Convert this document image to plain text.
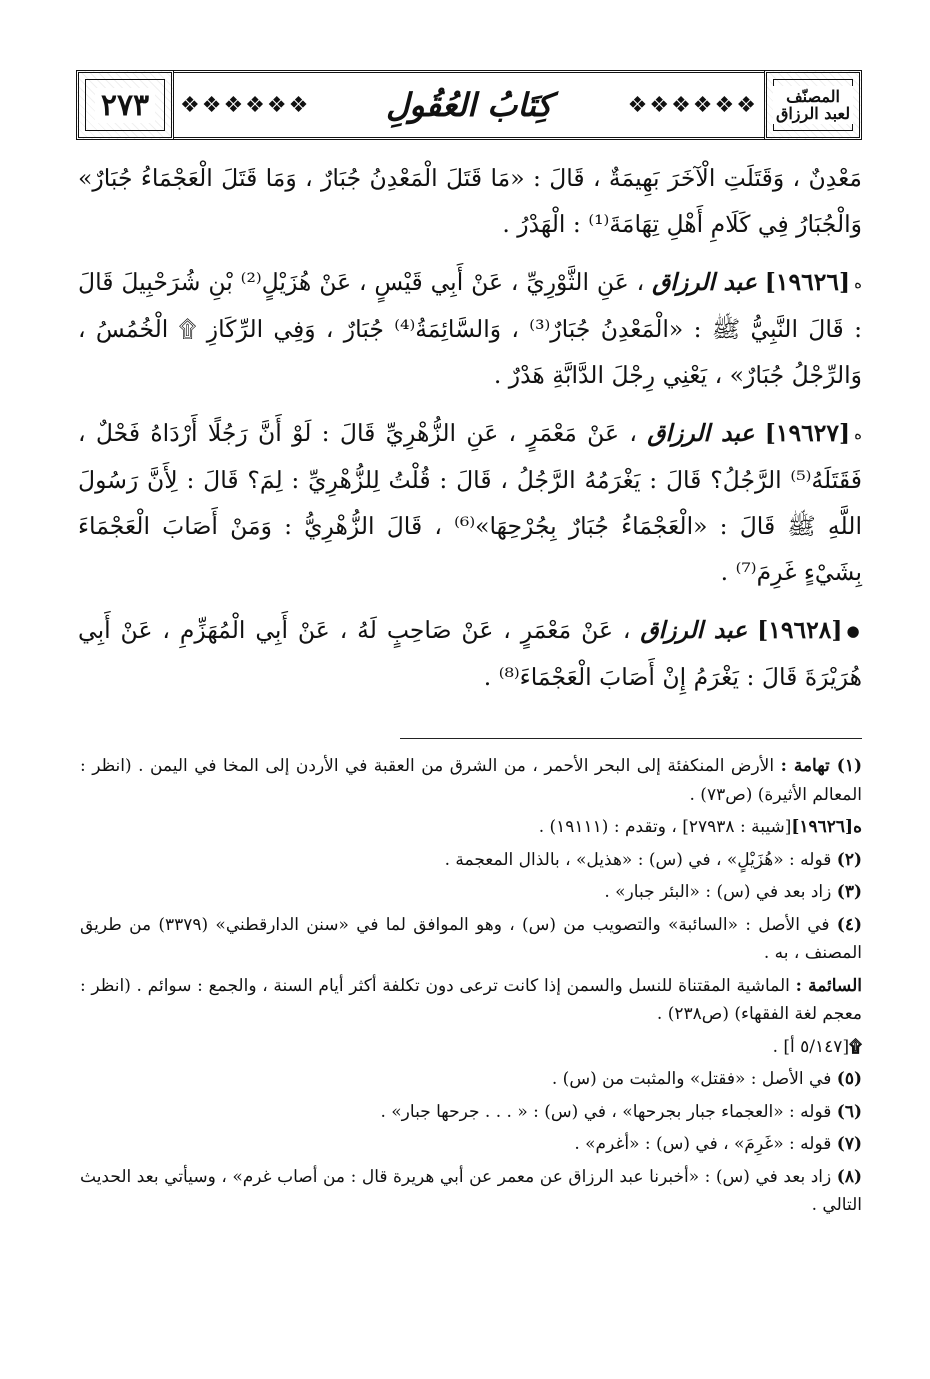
٢٧٣ ❖❖❖❖❖❖ كِتَابُ العُقُولِ	❖❖❖❖❖❖	المصنّف
لعبد الرزاق

مَعْدِنٌ ، وَقَتَلَتِ الْآخَرَ بَهِيمَةٌ ، قَالَ : «مَا قَتَلَ الْمَعْدِنُ جُبَارٌ ، وَمَا قَتَلَ الْعَجْمَاءُ جُبَارٌ» وَالْجُبَارُ فِي كَلَامِ أَهْلِ تِهَامَةَ⁽¹⁾ : الْهَدْرُ .

ه[١٩٦٢٦] عبد الرزاق ، عَنِ الثَّوْرِيِّ ، عَنْ أَبِي قَيْسٍ ، عَنْ هُزَيْلٍ⁽²⁾ بْنِ شُرَحْبِيلَ قَالَ : قَالَ النَّبِيُّ ﷺ : «الْمَعْدِنُ جُبَارٌ⁽³⁾ ، وَالسَّائِمَةُ⁽⁴⁾ جُبَارٌ ، وَفِي الرِّكَازِ ۩ الْخُمُسُ ، وَالرِّجْلُ جُبَارٌ» ، يَعْنِي رِجْلَ الدَّابَّةِ هَدْرٌ .

ه[١٩٦٢٧] عبد الرزاق ، عَنْ مَعْمَرٍ ، عَنِ الزُّهْرِيِّ قَالَ : لَوْ أَنَّ رَجُلًا أَرْدَاهُ فَحْلٌ ، فَقَتَلَهُ⁽⁵⁾ الرَّجُلُ؟ قَالَ : يَغْرَمُهُ الرَّجُلُ ، قَالَ : قُلْتُ لِلزُّهْرِيِّ : لِمَ؟ قَالَ : لِأَنَّ رَسُولَ اللَّهِ ﷺ قَالَ : «الْعَجْمَاءُ جُبَارٌ بِجُرْحِهَا»⁽⁶⁾ ، قَالَ الزُّهْرِيُّ : وَمَنْ أَصَابَ الْعَجْمَاءَ بِشَيْءٍ غَرِمَ⁽⁷⁾ .

●[١٩٦٢٨] عبد الرزاق ، عَنْ مَعْمَرٍ ، عَنْ صَاحِبٍ لَهُ ، عَنْ أَبِي الْمُهَزِّمِ ، عَنْ أَبِي هُرَيْرَةَ قَالَ : يَغْرَمُ إِنْ أَصَابَ الْعَجْمَاءَ⁽⁸⁾ .

(١) تهامة : الأرض المنكفئة إلى البحر الأحمر ، من الشرق من العقبة في الأردن إلى المخا في اليمن . (انظر : المعالم الأثيرة) (ص٧٣) .

ه[١٩٦٢٦][شيبة : ٢٧٩٣٨] ، وتقدم : (١٩١١١) .

(٢) قوله : «هُزَيْلٍ» ، في (س) : «هذيل» ، بالذال المعجمة .

(٣) زاد بعد في (س) : «البئر جبار» .

(٤) في الأصل : «السائبة» والتصويب من (س) ، وهو الموافق لما في «سنن الدارقطني» (٣٣٧٩) من طريق المصنف ، به .

السائمة : الماشية المقتناة للنسل والسمن إذا كانت ترعى دون تكلفة أكثر أيام السنة ، والجمع : سوائم . (انظر : معجم لغة الفقهاء) (ص٢٣٨) .

۩[٥/١٤٧ أ] .

(٥) في الأصل : «فقتل» والمثبت من (س) .

(٦) قوله : «العجماء جبار بجرحها» ، في (س) : « . . . جرحها جبار» .

(٧) قوله : «غَرِمَ» ، في (س) : «أغرم» .

(٨) زاد بعد في (س) : «أخبرنا عبد الرزاق عن معمر عن أبي هريرة قال : من أصاب غرم» ، وسيأتي بعد الحديث التالي .
